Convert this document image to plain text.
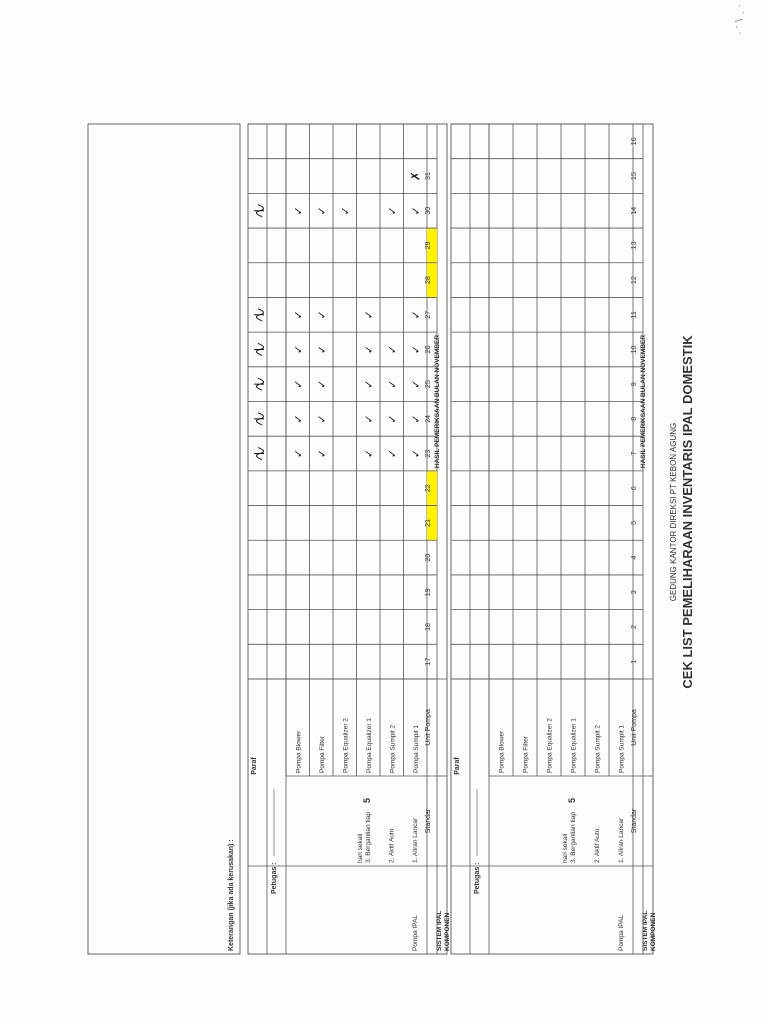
CEK LIST PEMELIHARAAN INVENTARIS IPAL DOMESTIK
GEDUNG KANTOR DIREKSI PT KEBON AGUNG
KOMPONEN
SISTEM IPAL
Standar
Unit Pompa
HASIL PEMERIKSAAN BULAN NOVEMBER
1
2
3
4
5
6
7
8
9
10
11
12
13
14
15
16
Pompa Sumpit 1
Pompa Sumpit 2
Pompa Equalizer 1
Pompa Equalizer 2
Pompa Filter
Pompa Blower
Pompa IPAL
1. Aliran Lancar
2. Aktif Auto
3. Bergantian tiap
hari sekali
5
Petugas :
Paraf
KOMPONEN
SISTEM IPAL
Standar
Unit Pompa
HASIL PEMERIKSAAN BULAN NOVEMBER
17
18
19
20
21
22
23
24
25
26
27
28
29
30
31
Pompa Sumpit 1
Pompa Sumpit 2
Pompa Equalizer 1
Pompa Equalizer 2
Pompa Filter
Pompa Blower
Pompa IPAL
1. Aliran Lancar
2. Aktif Auto
3. Bergantian tiap
hari sekali
5
Petugas :
Paraf
✓
✓
✓
✓
✓
✓
✓
✓
✓
✓
✓
✓
✓
✓
✓
✓
✓
✓
✓
✓
✓
✓
✓
✓
✓
✓
✓
✓
✓
✗
Keterangan (jika ada kerusakan) :
· ` \ . ·
